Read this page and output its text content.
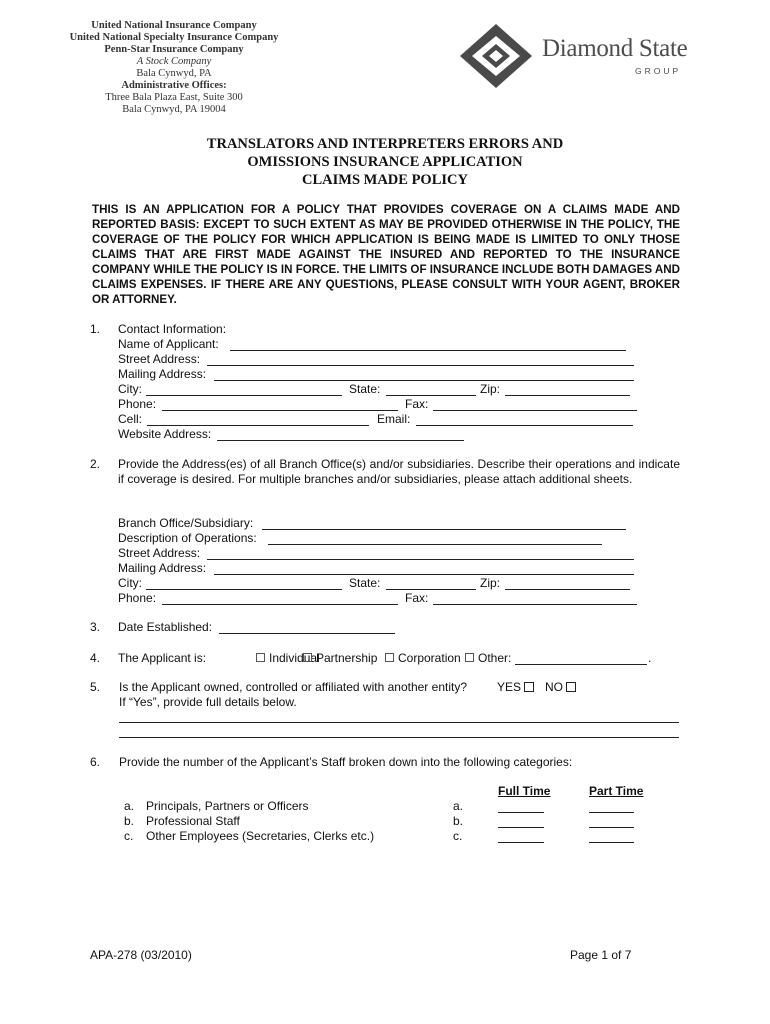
United National Insurance Company
United National Specialty Insurance Company
Penn-Star Insurance Company
A Stock Company
Bala Cynwyd, PA
Administrative Offices:
Three Bala Plaza East, Suite 300
Bala Cynwyd, PA 19004
Diamond State
GROUP
TRANSLATORS AND INTERPRETERS ERRORS AND
OMISSIONS INSURANCE APPLICATION
CLAIMS MADE POLICY
THIS IS AN APPLICATION FOR A POLICY THAT PROVIDES COVERAGE ON A CLAIMS MADE AND REPORTED BASIS: EXCEPT TO SUCH EXTENT AS MAY BE PROVIDED OTHERWISE IN THE POLICY, THE COVERAGE OF THE POLICY FOR WHICH APPLICATION IS BEING MADE IS LIMITED TO ONLY THOSE CLAIMS THAT ARE FIRST MADE AGAINST THE INSURED AND REPORTED TO THE INSURANCE COMPANY WHILE THE POLICY IS IN FORCE. THE LIMITS OF INSURANCE INCLUDE BOTH DAMAGES AND CLAIMS EXPENSES. IF THERE ARE ANY QUESTIONS, PLEASE CONSULT WITH YOUR AGENT, BROKER OR ATTORNEY.
1. Contact Information:
Name of Applicant:
Street Address:
Mailing Address:
City:	State:	Zip:
Phone:	Fax:
Cell:	Email:
Website Address:
2. Provide the Address(es) of all Branch Office(s) and/or subsidiaries. Describe their operations and indicate if coverage is desired. For multiple branches and/or subsidiaries, please attach additional sheets.
Branch Office/Subsidiary:
Description of Operations:
Street Address:
Mailing Address:
City:	State:	Zip:
Phone:	Fax:
3. Date Established:
4. The Applicant is:	Individual
Partnership	Corporation	Other:	.
5. Is the Applicant owned, controlled or affiliated with another entity?	YES	NO
If “Yes”, provide full details below.
6. Provide the number of the Applicant’s Staff broken down into the following categories:
Full Time	Part Time
a. Principals, Partners or Officers	a.
b. Professional Staff	b.
c. Other Employees (Secretaries, Clerks etc.)	c.
APA-278 (03/2010)	Page 1 of 7
